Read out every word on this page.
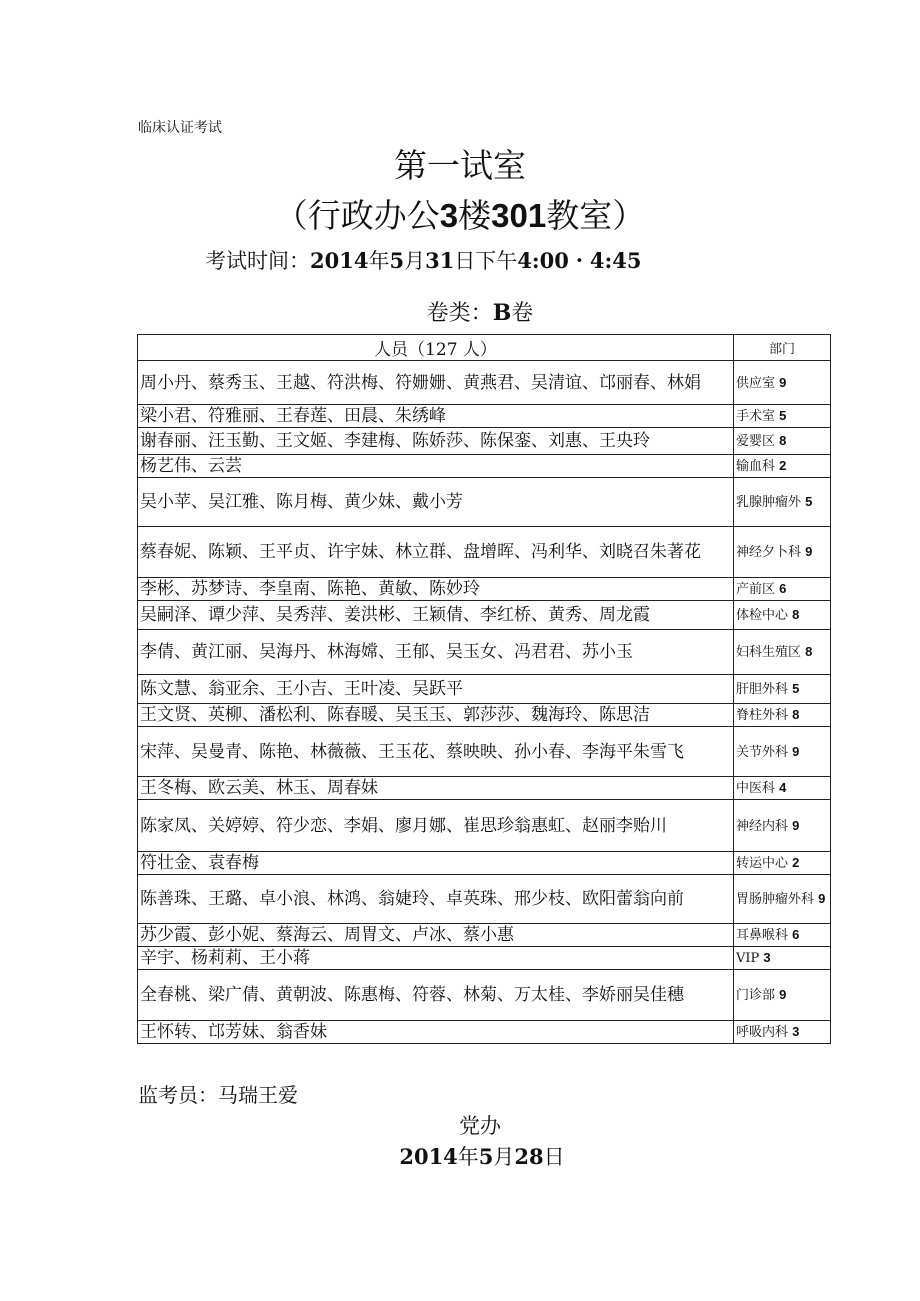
临床认证考试
第一试室
（行政办公3楼301教室）
考试时间：2014年5月31日下午4:00・4:45
卷类：B卷
人员（127 人）	部门
周小丹、蔡秀玉、王越、符洪梅、符姗姗、黄燕君、吴清谊、邙丽春、林娟	供应室 9
梁小君、符雅丽、王春莲、田晨、朱绣峰	手术室 5
谢春丽、汪玉勤、王文姬、李建梅、陈娇莎、陈保銮、刘惠、王央玲	爱婴区 8
杨艺伟、云芸	输血科 2
吴小苹、吴江雅、陈月梅、黄少妹、戴小芳	乳腺肿瘤外 5
蔡春妮、陈颖、王平贞、许宇妹、林立群、盘增晖、冯利华、刘晓召朱著花	神经夕卜科 9
李彬、苏梦诗、李皇南、陈艳、黄敏、陈妙玲	产前区 6
吴嗣泽、谭少萍、吴秀萍、姜洪彬、王颖倩、李红桥、黄秀、周龙霞	体检中心 8
李倩、黄江丽、吴海丹、林海嫦、王郁、吴玉女、冯君君、苏小玉	妇科生殖区 8
陈文慧、翁亚余、王小吉、王叶凌、吴跃平	肝胆外科 5
王文贤、英柳、潘松利、陈春暖、吴玉玉、郭莎莎、魏海玲、陈思洁	脊柱外科 8
宋萍、吴曼青、陈艳、林薇薇、王玉花、蔡映映、孙小春、李海平朱雪飞	关节外科 9
王冬梅、欧云美、林玉、周春妹	中医科 4
陈家凤、关婷婷、符少恋、李娟、廖月娜、崔思珍翁惠虹、赵丽李贻川	神经内科 9
符壮金、袁春梅	转运中心 2
陈善珠、王璐、卓小浪、林鸿、翁婕玲、卓英珠、邢少枝、欧阳蕾翁向前	胃肠肿瘤外科 9
苏少霞、彭小妮、蔡海云、周胃文、卢冰、蔡小惠	耳鼻喉科 6
辛宇、杨莉莉、王小蒋	VIP 3
全春桃、梁广倩、黄朝波、陈惠梅、符蓉、林菊、万太桂、李娇丽吴佳穗	门诊部 9
王怀转、邙芳妹、翁香妹	呼吸内科 3
监考员：马瑞王爱
党办
2014年5月28日
